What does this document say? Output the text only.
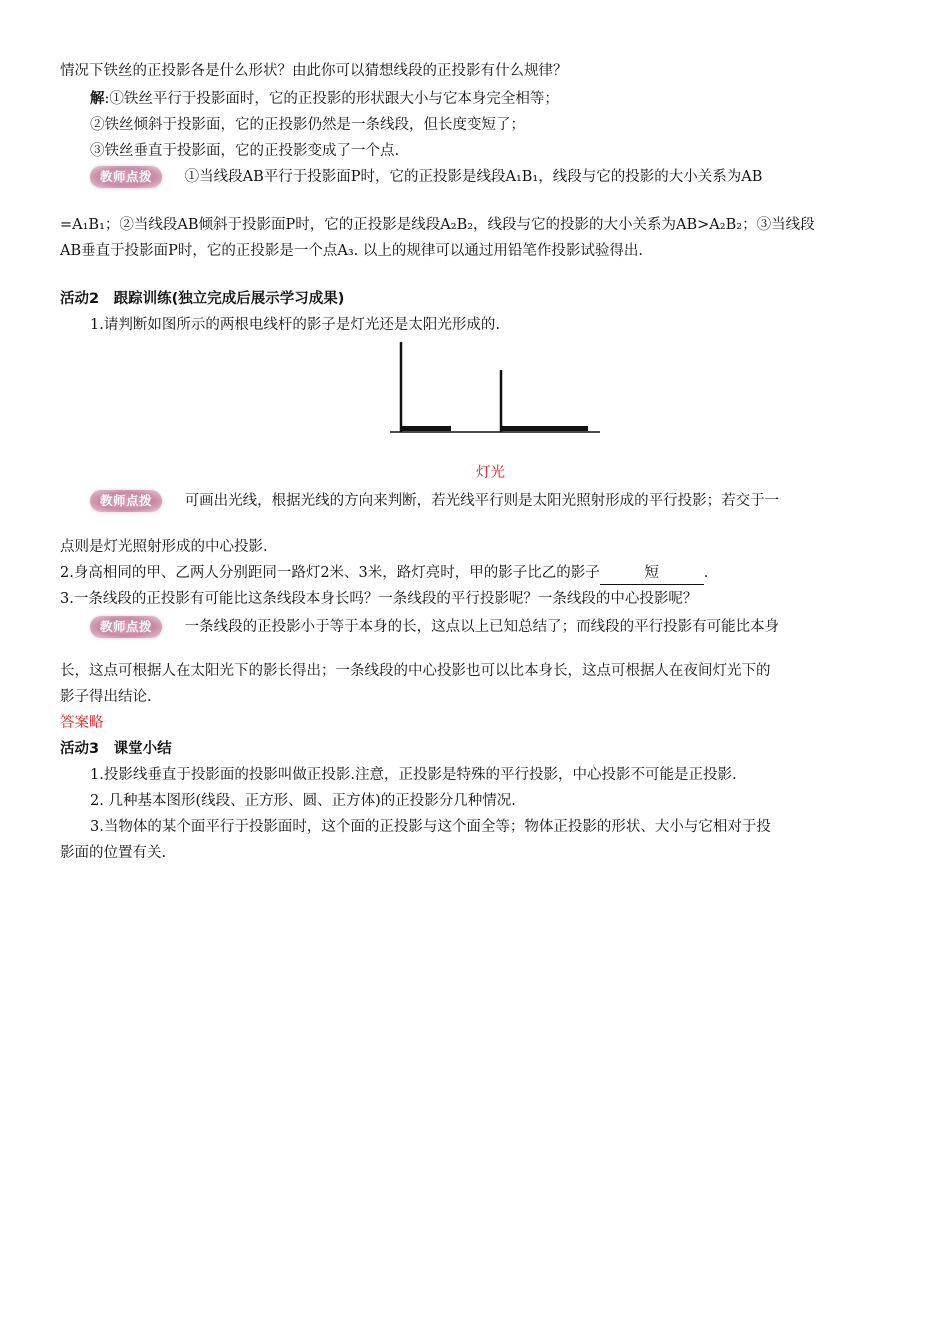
情况下铁丝的正投影各是什么形状？由此你可以猜想线段的正投影有什么规律？
解:①铁丝平行于投影面时，它的正投影的形状跟大小与它本身完全相等；
②铁丝倾斜于投影面，它的正投影仍然是一条线段，但长度变短了；
③铁丝垂直于投影面，它的正投影变成了一个点.
教师点拨 ①当线段AB平行于投影面P时，它的正投影是线段A₁B₁，线段与它的投影的大小关系为AB
=A₁B₁；②当线段AB倾斜于投影面P时，它的正投影是线段A₂B₂，线段与它的投影的大小关系为AB>A₂B₂；③当线段
AB垂直于投影面P时，它的正投影是一个点A₃. 以上的规律可以通过用铅笔作投影试验得出.
活动2　跟踪训练(独立完成后展示学习成果)
1.请判断如图所示的两根电线杆的影子是灯光还是太阳光形成的.
灯光
教师点拨 可画出光线，根据光线的方向来判断，若光线平行则是太阳光照射形成的平行投影；若交于一
点则是灯光照射形成的中心投影.
2.身高相同的甲、乙两人分别距同一路灯2米、3米，路灯亮时，甲的影子比乙的影子	短	.
3.一条线段的正投影有可能比这条线段本身长吗？一条线段的平行投影呢？一条线段的中心投影呢？
教师点拨 一条线段的正投影小于等于本身的长，这点以上已知总结了；而线段的平行投影有可能比本身
长，这点可根据人在太阳光下的影长得出；一条线段的中心投影也可以比本身长，这点可根据人在夜间灯光下的
影子得出结论.
答案略
活动3　课堂小结
1.投影线垂直于投影面的投影叫做正投影.注意，正投影是特殊的平行投影，中心投影不可能是正投影.
2. 几种基本图形(线段、正方形、圆、正方体)的正投影分几种情况.
3.当物体的某个面平行于投影面时，这个面的正投影与这个面全等；物体正投影的形状、大小与它相对于投
影面的位置有关.
